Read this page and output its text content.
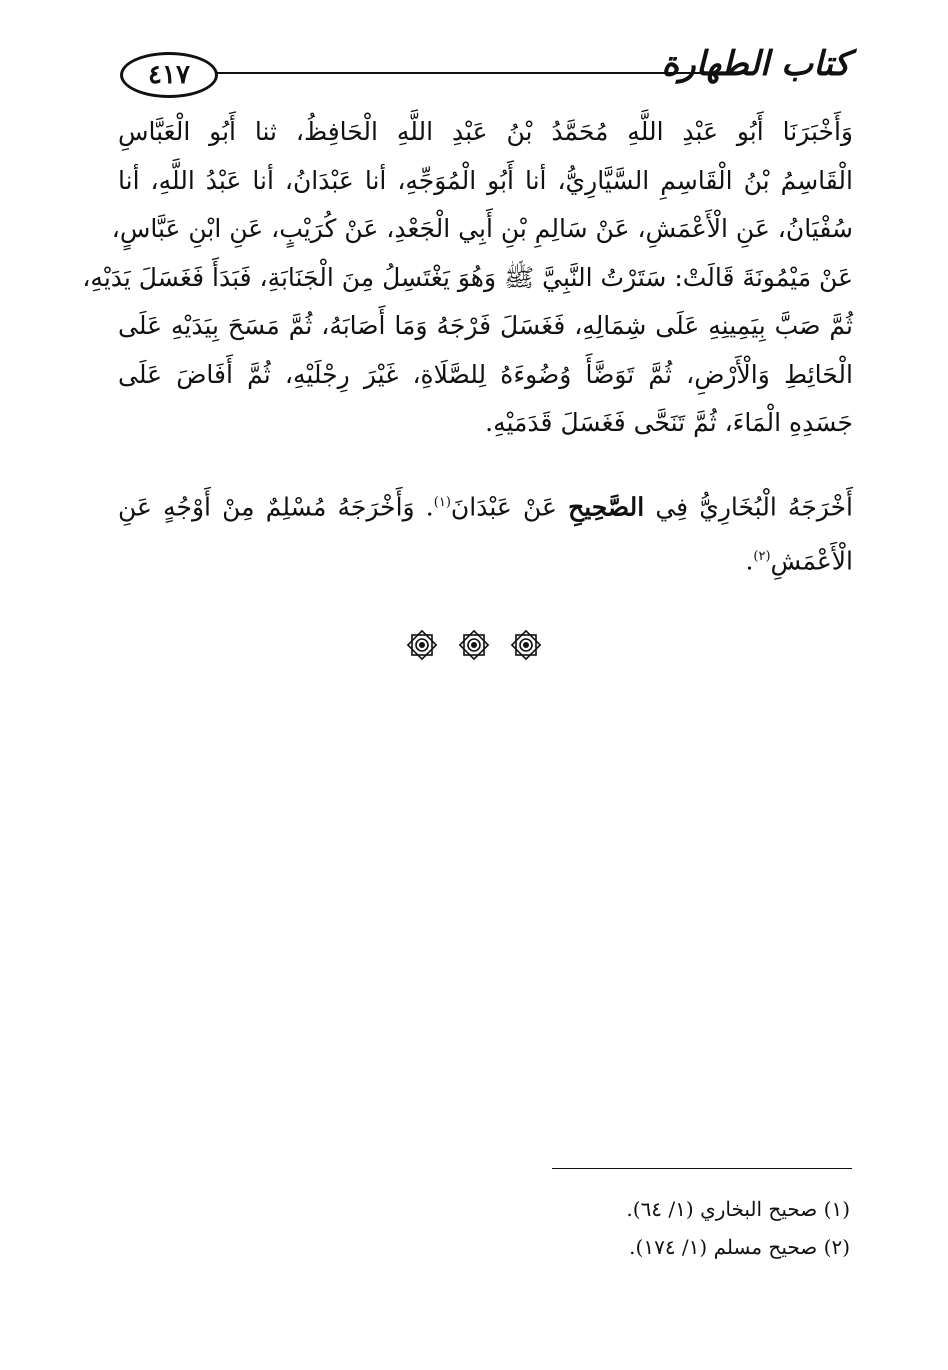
٤١٧	كتاب الطهارة
وَأَخْبَرَنَا أَبُو عَبْدِ اللَّهِ مُحَمَّدُ بْنُ عَبْدِ اللَّهِ الْحَافِظُ، ثنا أَبُو الْعَبَّاسِ
الْقَاسِمُ بْنُ الْقَاسِمِ السَّيَّارِيُّ، أنا أَبُو الْمُوَجِّهِ، أنا عَبْدَانُ، أنا عَبْدُ اللَّهِ، أنا
سُفْيَانُ، عَنِ الْأَعْمَشِ، عَنْ سَالِمِ بْنِ أَبِي الْجَعْدِ، عَنْ كُرَيْبٍ، عَنِ ابْنِ عَبَّاسٍ،
عَنْ مَيْمُونَةَ قَالَتْ: سَتَرْتُ النَّبِيَّ ﷺ وَهُوَ يَغْتَسِلُ مِنَ الْجَنَابَةِ، فَبَدَأَ فَغَسَلَ يَدَيْهِ،
ثُمَّ صَبَّ بِيَمِينِهِ عَلَى شِمَالِهِ، فَغَسَلَ فَرْجَهُ وَمَا أَصَابَهُ، ثُمَّ مَسَحَ بِيَدَيْهِ عَلَى
الْحَائِطِ وَالْأَرْضِ، ثُمَّ تَوَضَّأَ وُضُوءَهُ لِلصَّلَاةِ، غَيْرَ رِجْلَيْهِ، ثُمَّ أَفَاضَ عَلَى
جَسَدِهِ الْمَاءَ، ثُمَّ تَنَحَّى فَغَسَلَ قَدَمَيْهِ.
أَخْرَجَهُ الْبُخَارِيُّ فِي الصَّحِيحِ عَنْ عَبْدَانَ$^{(١)}$. وَأَخْرَجَهُ مُسْلِمٌ مِنْ أَوْجُهٍ عَنِ
الْأَعْمَشِ$^{(٢)}$.
(١) صحيح البخاري (١/ ٦٤).
(٢) صحيح مسلم (١/ ١٧٤).
